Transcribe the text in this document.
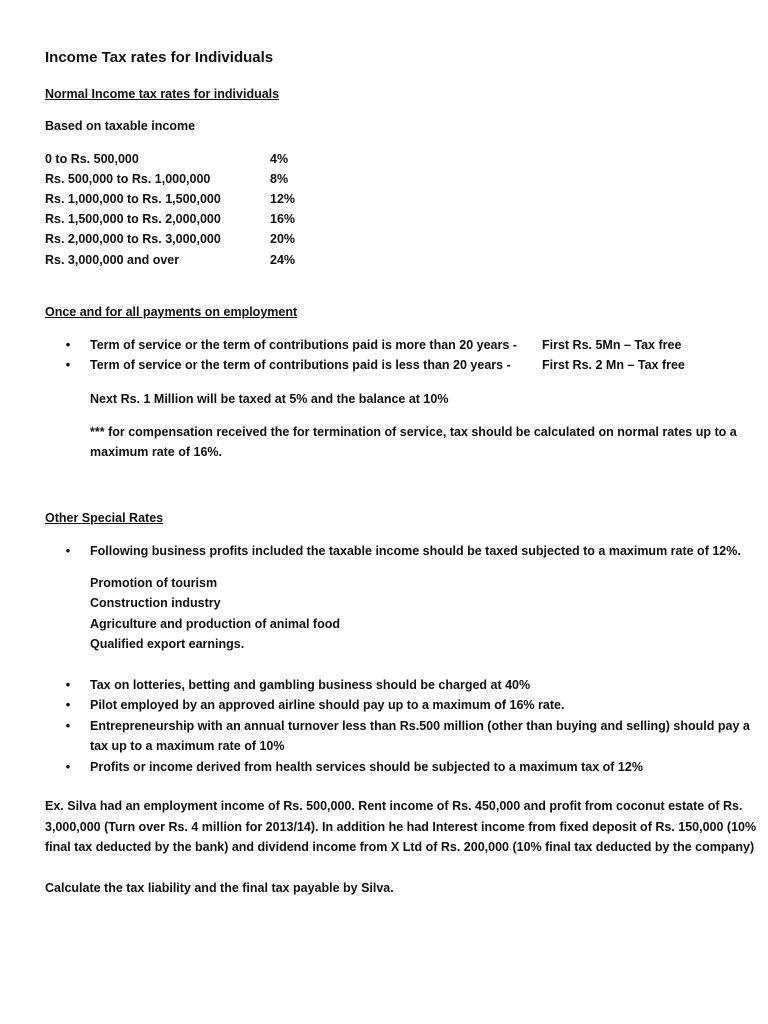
Income Tax rates for Individuals
Normal Income tax rates for individuals
Based on taxable income
0 to Rs. 500,000	4%
Rs. 500,000 to Rs. 1,000,000	8%
Rs. 1,000,000 to Rs. 1,500,000	12%
Rs. 1,500,000 to Rs. 2,000,000	16%
Rs. 2,000,000 to Rs. 3,000,000	20%
Rs. 3,000,000 and over	24%
Once and for all payments on employment
•	Term of service or the term of contributions paid is more than 20 years - First Rs. 5Mn – Tax free
•	Term of service or the term of contributions paid is less than 20 years -	First Rs. 2 Mn – Tax free
Next Rs. 1 Million will be taxed at 5% and the balance at 10%
*** for compensation received the for termination of service, tax should be calculated on normal rates up to a
maximum rate of 16%.
Other Special Rates
•	Following business profits included the taxable income should be taxed subjected to a maximum rate of 12%.
Promotion of tourism
Construction industry
Agriculture and production of animal food
Qualified export earnings.
•	Tax on lotteries, betting and gambling business should be charged at 40%
•	Pilot employed by an approved airline should pay up to a maximum of 16% rate.
•	Entrepreneurship with an annual turnover less than Rs.500 million (other than buying and selling) should pay a
tax up to a maximum rate of 10%
•	Profits or income derived from health services should be subjected to a maximum tax of 12%
Ex. Silva had an employment income of Rs. 500,000. Rent income of Rs. 450,000 and profit from coconut estate of Rs.
3,000,000 (Turn over Rs. 4 million for 2013/14). In addition he had Interest income from fixed deposit of Rs. 150,000 (10%
final tax deducted by the bank) and dividend income from X Ltd of Rs. 200,000 (10% final tax deducted by the company)
Calculate the tax liability and the final tax payable by Silva.
